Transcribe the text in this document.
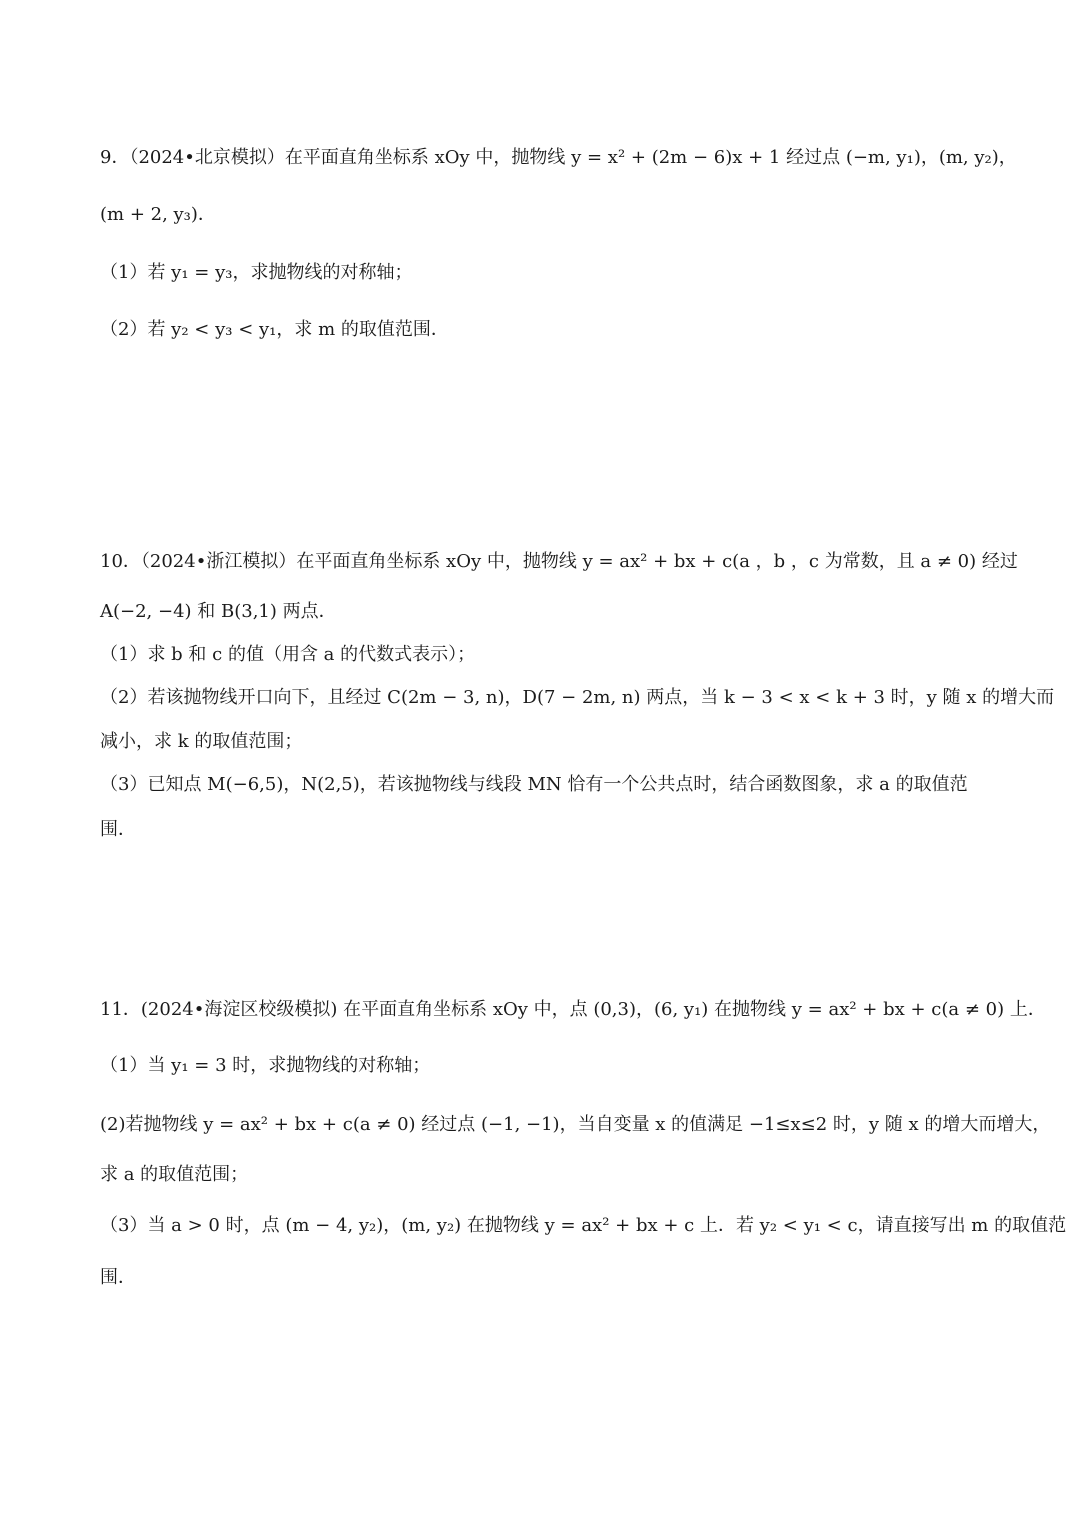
9．（2024•北京模拟）在平面直角坐标系 xOy 中，抛物线 y = x² + (2m − 6)x + 1 经过点 (−m, y₁)，(m, y₂)，
(m + 2, y₃)．
（1）若 y₁ = y₃，求抛物线的对称轴；
（2）若 y₂ < y₃ < y₁，求 m 的取值范围．
10．（2024•浙江模拟）在平面直角坐标系 xOy 中，抛物线 y = ax² + bx + c(a ，b ，c 为常数，且 a ≠ 0) 经过
A(−2, −4) 和 B(3,1) 两点．
（1）求 b 和 c 的值（用含 a 的代数式表示）；
（2）若该抛物线开口向下，且经过 C(2m − 3, n)，D(7 − 2m, n) 两点，当 k − 3 < x < k + 3 时，y 随 x 的增大而
减小，求 k 的取值范围；
（3）已知点 M(−6,5)，N(2,5)，若该抛物线与线段 MN 恰有一个公共点时，结合函数图象，求 a 的取值范
围．
11．(2024•海淀区校级模拟) 在平面直角坐标系 xOy 中，点 (0,3)，(6, y₁) 在抛物线 y = ax² + bx + c(a ≠ 0) 上．
（1）当 y₁ = 3 时，求抛物线的对称轴；
(2)若抛物线 y = ax² + bx + c(a ≠ 0) 经过点 (−1, −1)，当自变量 x 的值满足 −1≤x≤2 时，y 随 x 的增大而增大，
求 a 的取值范围；
（3）当 a > 0 时，点 (m − 4, y₂)，(m, y₂) 在抛物线 y = ax² + bx + c 上．若 y₂ < y₁ < c，请直接写出 m 的取值范
围．
